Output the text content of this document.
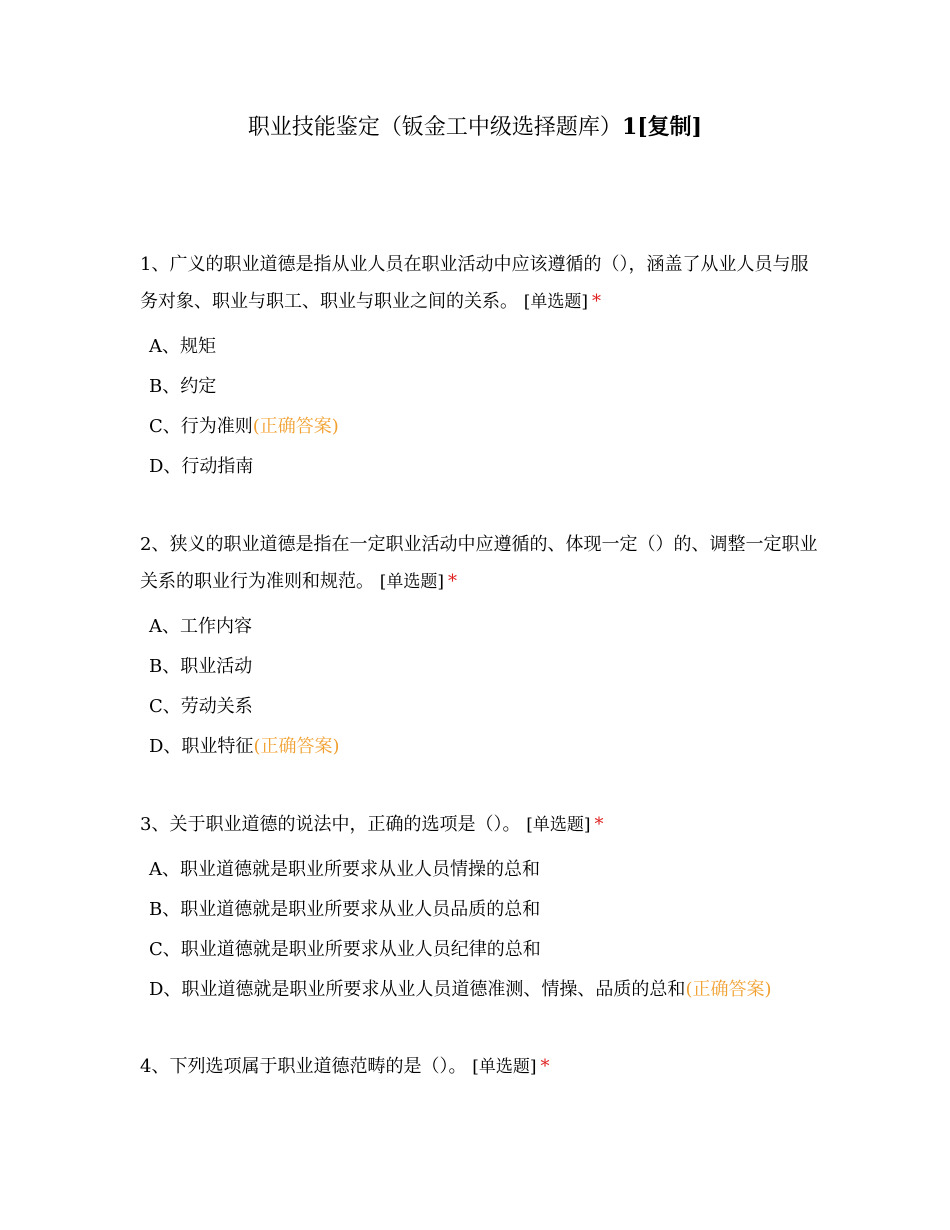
职业技能鉴定（钣金工中级选择题库）1[复制]

1、广义的职业道德是指从业人员在职业活动中应该遵循的（），涵盖了从业人员与服务对象、职业与职工、职业与职业之间的关系。 [单选题] *

A、规矩
B、约定
C、行为准则(正确答案)
D、行动指南

2、狭义的职业道德是指在一定职业活动中应遵循的、体现一定（）的、调整一定职业关系的职业行为准则和规范。 [单选题] *

A、工作内容
B、职业活动
C、劳动关系
D、职业特征(正确答案)

3、关于职业道德的说法中，正确的选项是（）。 [单选题] *

A、职业道德就是职业所要求从业人员情操的总和
B、职业道德就是职业所要求从业人员品质的总和
C、职业道德就是职业所要求从业人员纪律的总和
D、职业道德就是职业所要求从业人员道德准测、情操、品质的总和(正确答案)

4、下列选项属于职业道德范畴的是（）。 [单选题] *
